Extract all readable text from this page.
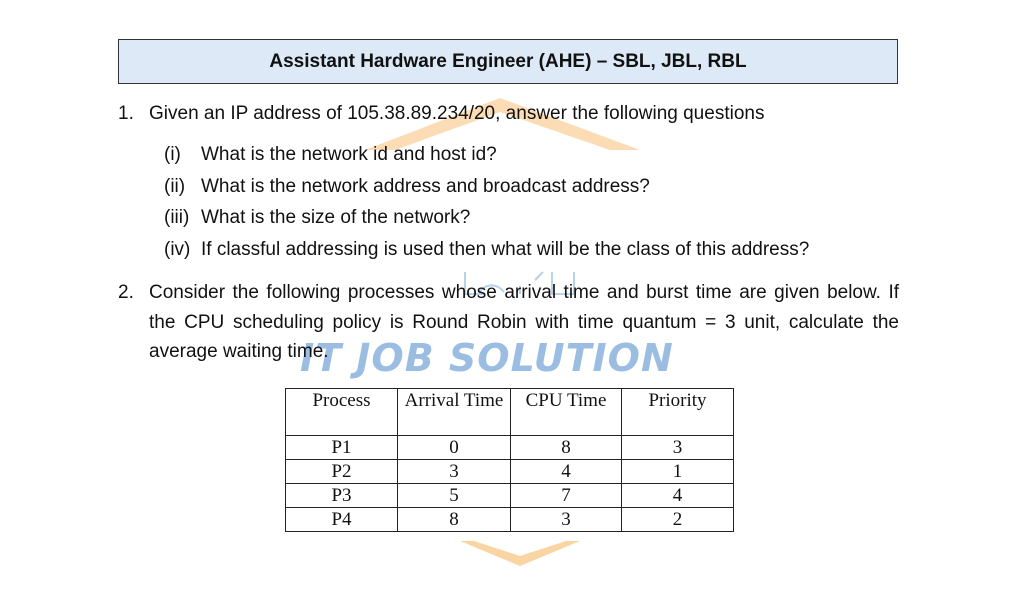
IT JOB SOLUTION
Assistant Hardware Engineer (AHE) – SBL, JBL, RBL
1. Given an IP address of 105.38.89.234/20, answer the following questions
(i) What is the network id and host id?
(ii) What is the network address and broadcast address?
(iii) What is the size of the network?
(iv) If classful addressing is used then what will be the class of this address?
2. Consider the following processes whose arrival time and burst time are given below. If the CPU scheduling policy is Round Robin with time quantum = 3 unit, calculate the average waiting time.
Process	Arrival Time	CPU Time	Priority
P1	0	8	3
P2	3	4	1
P3	5	7	4
P4	8	3	2
